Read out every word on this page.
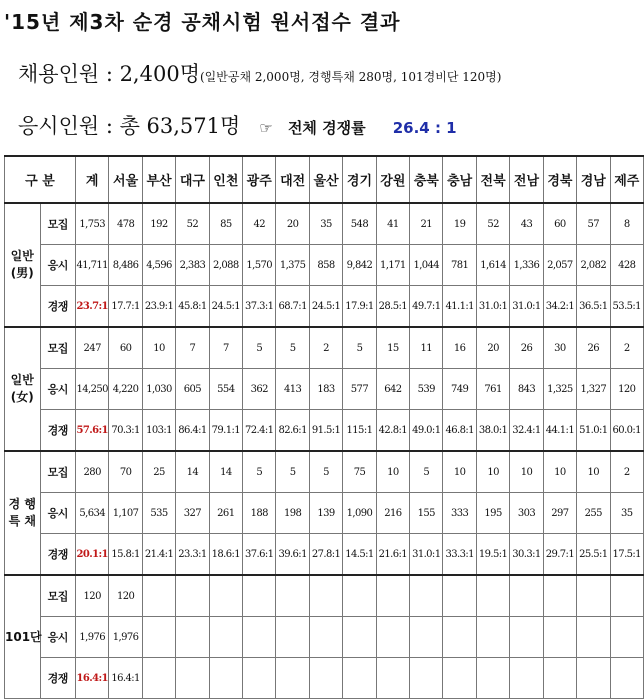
'15년 제3차 순경 공채시험 원서접수 결과
채용인원 : 2,400명(일반공채 2,000명, 경행특채 280명, 101경비단 120명)
응시인원 : 총 63,571명 ☞ 전체 경쟁률 26.4 : 1
구 분		계	서울	부산	대구	인천	광주	대전	울산	경기	강원	충북	충남	전북	전남	경북	경남	제주
일반
(男)	모집	1,753	478	192	52	85	42	20	35	548	41	21	19	52	43	60	57	8
	응시	41,711	8,486	4,596	2,383	2,088	1,570	1,375	858	9,842	1,171	1,044	781	1,614	1,336	2,057	2,082	428
	경쟁	23.7:1	17.7:1	23.9:1	45.8:1	24.5:1	37.3:1	68.7:1	24.5:1	17.9:1	28.5:1	49.7:1	41.1:1	31.0:1	31.0:1	34.2:1	36.5:1	53.5:1
일반
(女)	모집	247	60	10	7	7	5	5	2	5	15	11	16	20	26	30	26	2
	응시	14,250	4,220	1,030	605	554	362	413	183	577	642	539	749	761	843	1,325	1,327	120
	경쟁	57.6:1	70.3:1	103:1	86.4:1	79.1:1	72.4:1	82.6:1	91.5:1	115:1	42.8:1	49.0:1	46.8:1	38.0:1	32.4:1	44.1:1	51.0:1	60.0:1
경 행
특 채	모집	280	70	25	14	14	5	5	5	75	10	5	10	10	10	10	10	2
	응시	5,634	1,107	535	327	261	188	198	139	1,090	216	155	333	195	303	297	255	35
	경쟁	20.1:1	15.8:1	21.4:1	23.3:1	18.6:1	37.6:1	39.6:1	27.8:1	14.5:1	21.6:1	31.0:1	33.3:1	19.5:1	30.3:1	29.7:1	25.5:1	17.5:1
101단	모집	120	120															
	응시	1,976	1,976															
	경쟁	16.4:1	16.4:1															
